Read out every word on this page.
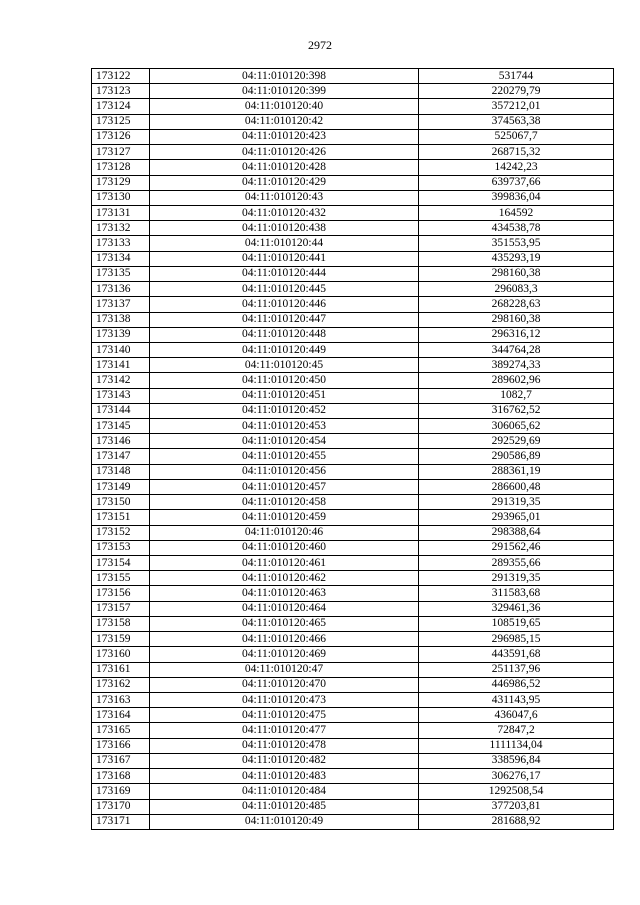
2972
173122	04:11:010120:398	531744
173123	04:11:010120:399	220279,79
173124	04:11:010120:40	357212,01
173125	04:11:010120:42	374563,38
173126	04:11:010120:423	525067,7
173127	04:11:010120:426	268715,32
173128	04:11:010120:428	14242,23
173129	04:11:010120:429	639737,66
173130	04:11:010120:43	399836,04
173131	04:11:010120:432	164592
173132	04:11:010120:438	434538,78
173133	04:11:010120:44	351553,95
173134	04:11:010120:441	435293,19
173135	04:11:010120:444	298160,38
173136	04:11:010120:445	296083,3
173137	04:11:010120:446	268228,63
173138	04:11:010120:447	298160,38
173139	04:11:010120:448	296316,12
173140	04:11:010120:449	344764,28
173141	04:11:010120:45	389274,33
173142	04:11:010120:450	289602,96
173143	04:11:010120:451	1082,7
173144	04:11:010120:452	316762,52
173145	04:11:010120:453	306065,62
173146	04:11:010120:454	292529,69
173147	04:11:010120:455	290586,89
173148	04:11:010120:456	288361,19
173149	04:11:010120:457	286600,48
173150	04:11:010120:458	291319,35
173151	04:11:010120:459	293965,01
173152	04:11:010120:46	298388,64
173153	04:11:010120:460	291562,46
173154	04:11:010120:461	289355,66
173155	04:11:010120:462	291319,35
173156	04:11:010120:463	311583,68
173157	04:11:010120:464	329461,36
173158	04:11:010120:465	108519,65
173159	04:11:010120:466	296985,15
173160	04:11:010120:469	443591,68
173161	04:11:010120:47	251137,96
173162	04:11:010120:470	446986,52
173163	04:11:010120:473	431143,95
173164	04:11:010120:475	436047,6
173165	04:11:010120:477	72847,2
173166	04:11:010120:478	1111134,04
173167	04:11:010120:482	338596,84
173168	04:11:010120:483	306276,17
173169	04:11:010120:484	1292508,54
173170	04:11:010120:485	377203,81
173171	04:11:010120:49	281688,92
